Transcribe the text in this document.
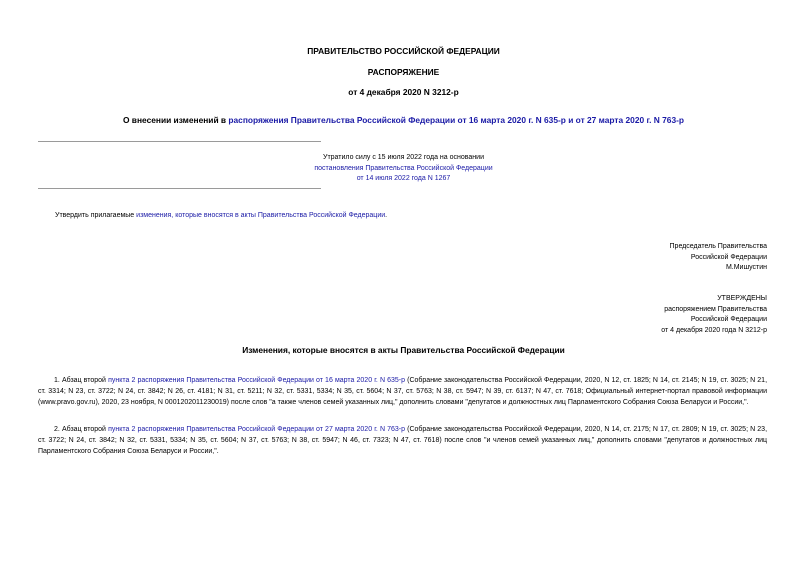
ПРАВИТЕЛЬСТВО РОССИЙСКОЙ ФЕДЕРАЦИИ
РАСПОРЯЖЕНИЕ
от 4 декабря 2020 N 3212-р
О внесении изменений в распоряжения Правительства Российской Федерации от 16 марта 2020 г. N 635-р и от 27 марта 2020 г. N 763-р
Утратило силу с 15 июля 2022 года на основании
постановления Правительства Российской Федерации
от 14 июля 2022 года N 1267
Утвердить прилагаемые изменения, которые вносятся в акты Правительства Российской Федерации.
Председатель Правительства
Российской Федерации
М.Мишустин
УТВЕРЖДЕНЫ
распоряжением Правительства
Российской Федерации
от 4 декабря 2020 года N 3212-р
Изменения, которые вносятся в акты Правительства Российской Федерации
1. Абзац второй пункта 2 распоряжения Правительства Российской Федерации от 16 марта 2020 г. N 635-р (Собрание законодательства Российской Федерации, 2020, N 12, ст. 1825; N 14, ст. 2145; N 19, ст. 3025; N 21, ст. 3314; N 23, ст. 3722; N 24, ст. 3842; N 26, ст. 4181; N 31, ст. 5211; N 32, ст. 5331, 5334; N 35, ст. 5604; N 37, ст. 5763; N 38, ст. 5947; N 39, ст. 6137; N 47, ст. 7618; Официальный интернет-портал правовой информации (www.pravo.gov.ru), 2020, 23 ноября, N 0001202011230019) после слов "а также членов семей указанных лиц," дополнить словами "депутатов и должностных лиц Парламентского Собрания Союза Беларуси и России,".
2. Абзац второй пункта 2 распоряжения Правительства Российской Федерации от 27 марта 2020 г. N 763-р (Собрание законодательства Российской Федерации, 2020, N 14, ст. 2175; N 17, ст. 2809; N 19, ст. 3025; N 23, ст. 3722; N 24, ст. 3842; N 32, ст. 5331, 5334; N 35, ст. 5604; N 37, ст. 5763; N 38, ст. 5947; N 46, ст. 7323; N 47, ст. 7618) после слов "и членов семей указанных лиц," дополнить словами "депутатов и должностных лиц Парламентского Собрания Союза Беларуси и России,".
